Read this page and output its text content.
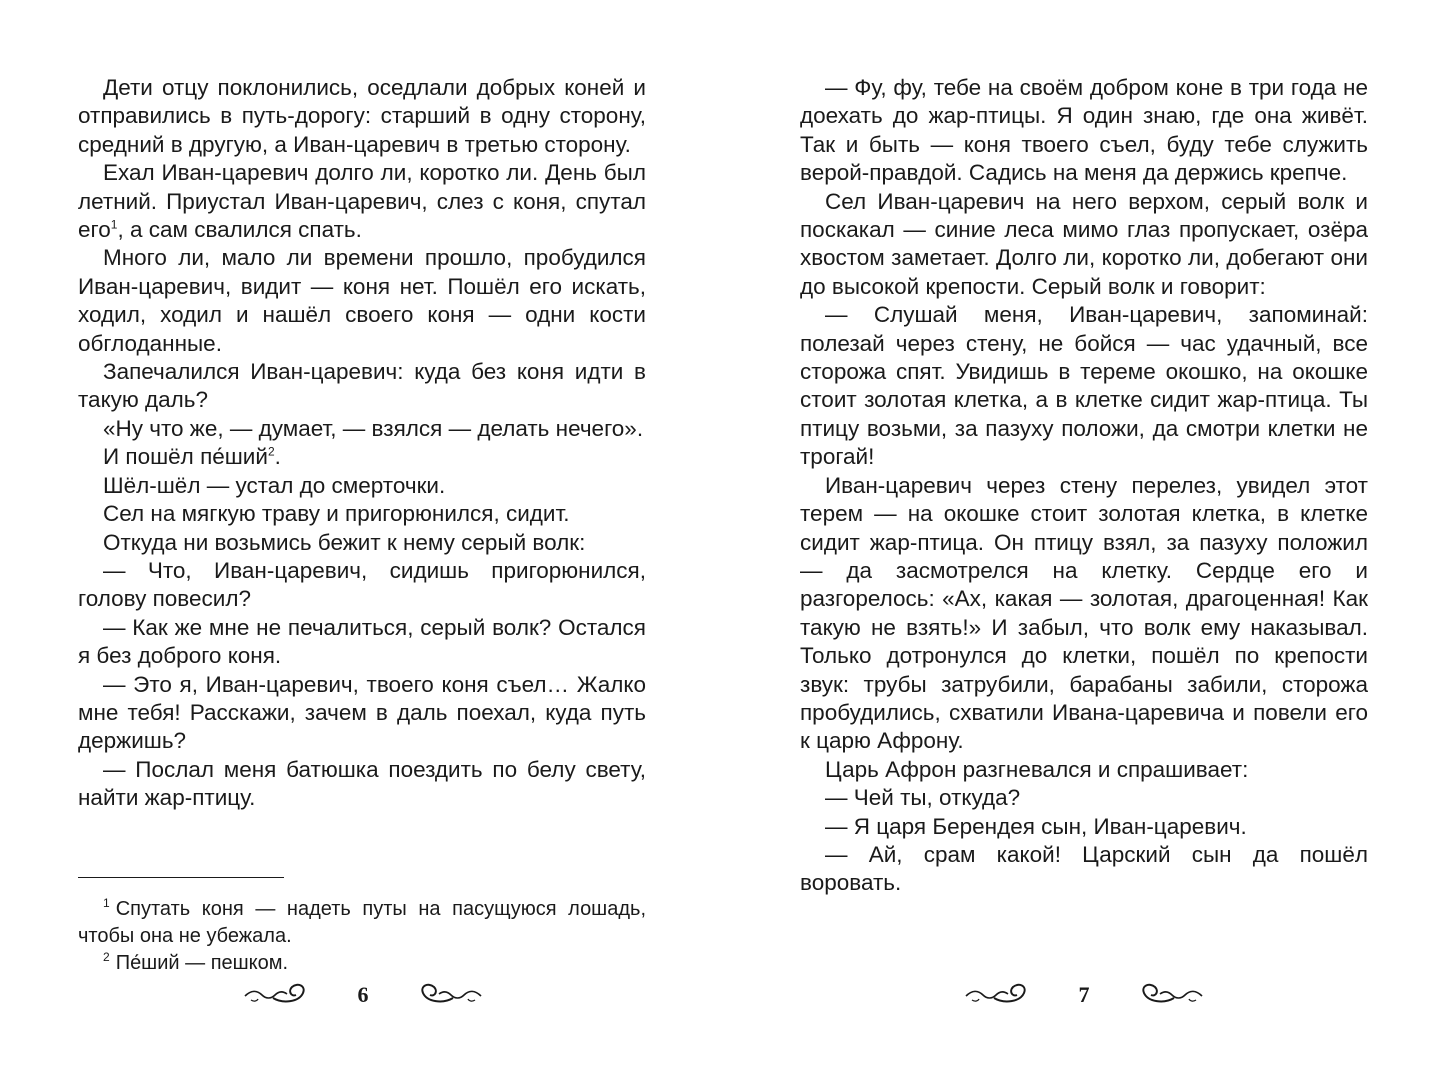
Дети отцу поклонились, оседлали добрых коней и отправились в путь-дорогу: старший в одну сторону, средний в другую, а Иван-царевич в третью сторону.

Ехал Иван-царевич долго ли, коротко ли. День был летний. Приустал Иван-царевич, слез с коня, спутал его$^1$, а сам свалился спать.

Много ли, мало ли времени прошло, пробудился Иван-царевич, видит — коня нет. Пошёл его искать, ходил, ходил и нашёл своего коня — одни кости обглоданные.

Запечалился Иван-царевич: куда без коня идти в такую даль?

«Ну что же, — думает, — взялся — делать нечего».

И пошёл пе́ший$^2$.

Шёл-шёл — устал до смерточки.

Сел на мягкую траву и пригорюнился, сидит.

Откуда ни возьмись бежит к нему серый волк:

— Что, Иван-царевич, сидишь пригорюнился, голову повесил?

— Как же мне не печалиться, серый волк? Остался я без доброго коня.

— Это я, Иван-царевич, твоего коня съел… Жалко мне тебя! Расскажи, зачем в даль поехал, куда путь держишь?

— Послал меня батюшка поездить по белу свету, найти жар-птицу.

$^1$ Спутать коня — надеть путы на пасущуюся лошадь, чтобы она не убежала.

$^2$ Пе́ший — пешком.

6

— Фу, фу, тебе на своём добром коне в три года не доехать до жар-птицы. Я один знаю, где она живёт. Так и быть — коня твоего съел, буду тебе служить верой-правдой. Садись на меня да держись крепче.

Сел Иван-царевич на него верхом, серый волк и поскакал — синие леса мимо глаз пропускает, озёра хвостом заметает. Долго ли, коротко ли, добегают они до высокой крепости. Серый волк и говорит:

— Слушай меня, Иван-царевич, запоминай: полезай через стену, не бойся — час удачный, все сторожа спят. Увидишь в тереме окошко, на окошке стоит золотая клетка, а в клетке сидит жар-птица. Ты птицу возьми, за пазуху положи, да смотри клетки не трогай!

Иван-царевич через стену перелез, увидел этот терем — на окошке стоит золотая клетка, в клетке сидит жар-птица. Он птицу взял, за пазуху положил — да засмотрелся на клетку. Сердце его и разгорелось: «Ах, какая — золотая, драгоценная! Как такую не взять!» И забыл, что волк ему наказывал. Только дотронулся до клетки, пошёл по крепости звук: трубы затрубили, барабаны забили, сторожа пробудились, схватили Ивана-царевича и повели его к царю Афрону.

Царь Афрон разгневался и спрашивает:

— Чей ты, откуда?

— Я царя Берендея сын, Иван-царевич.

— Ай, срам какой! Царский сын да пошёл воровать.

7
